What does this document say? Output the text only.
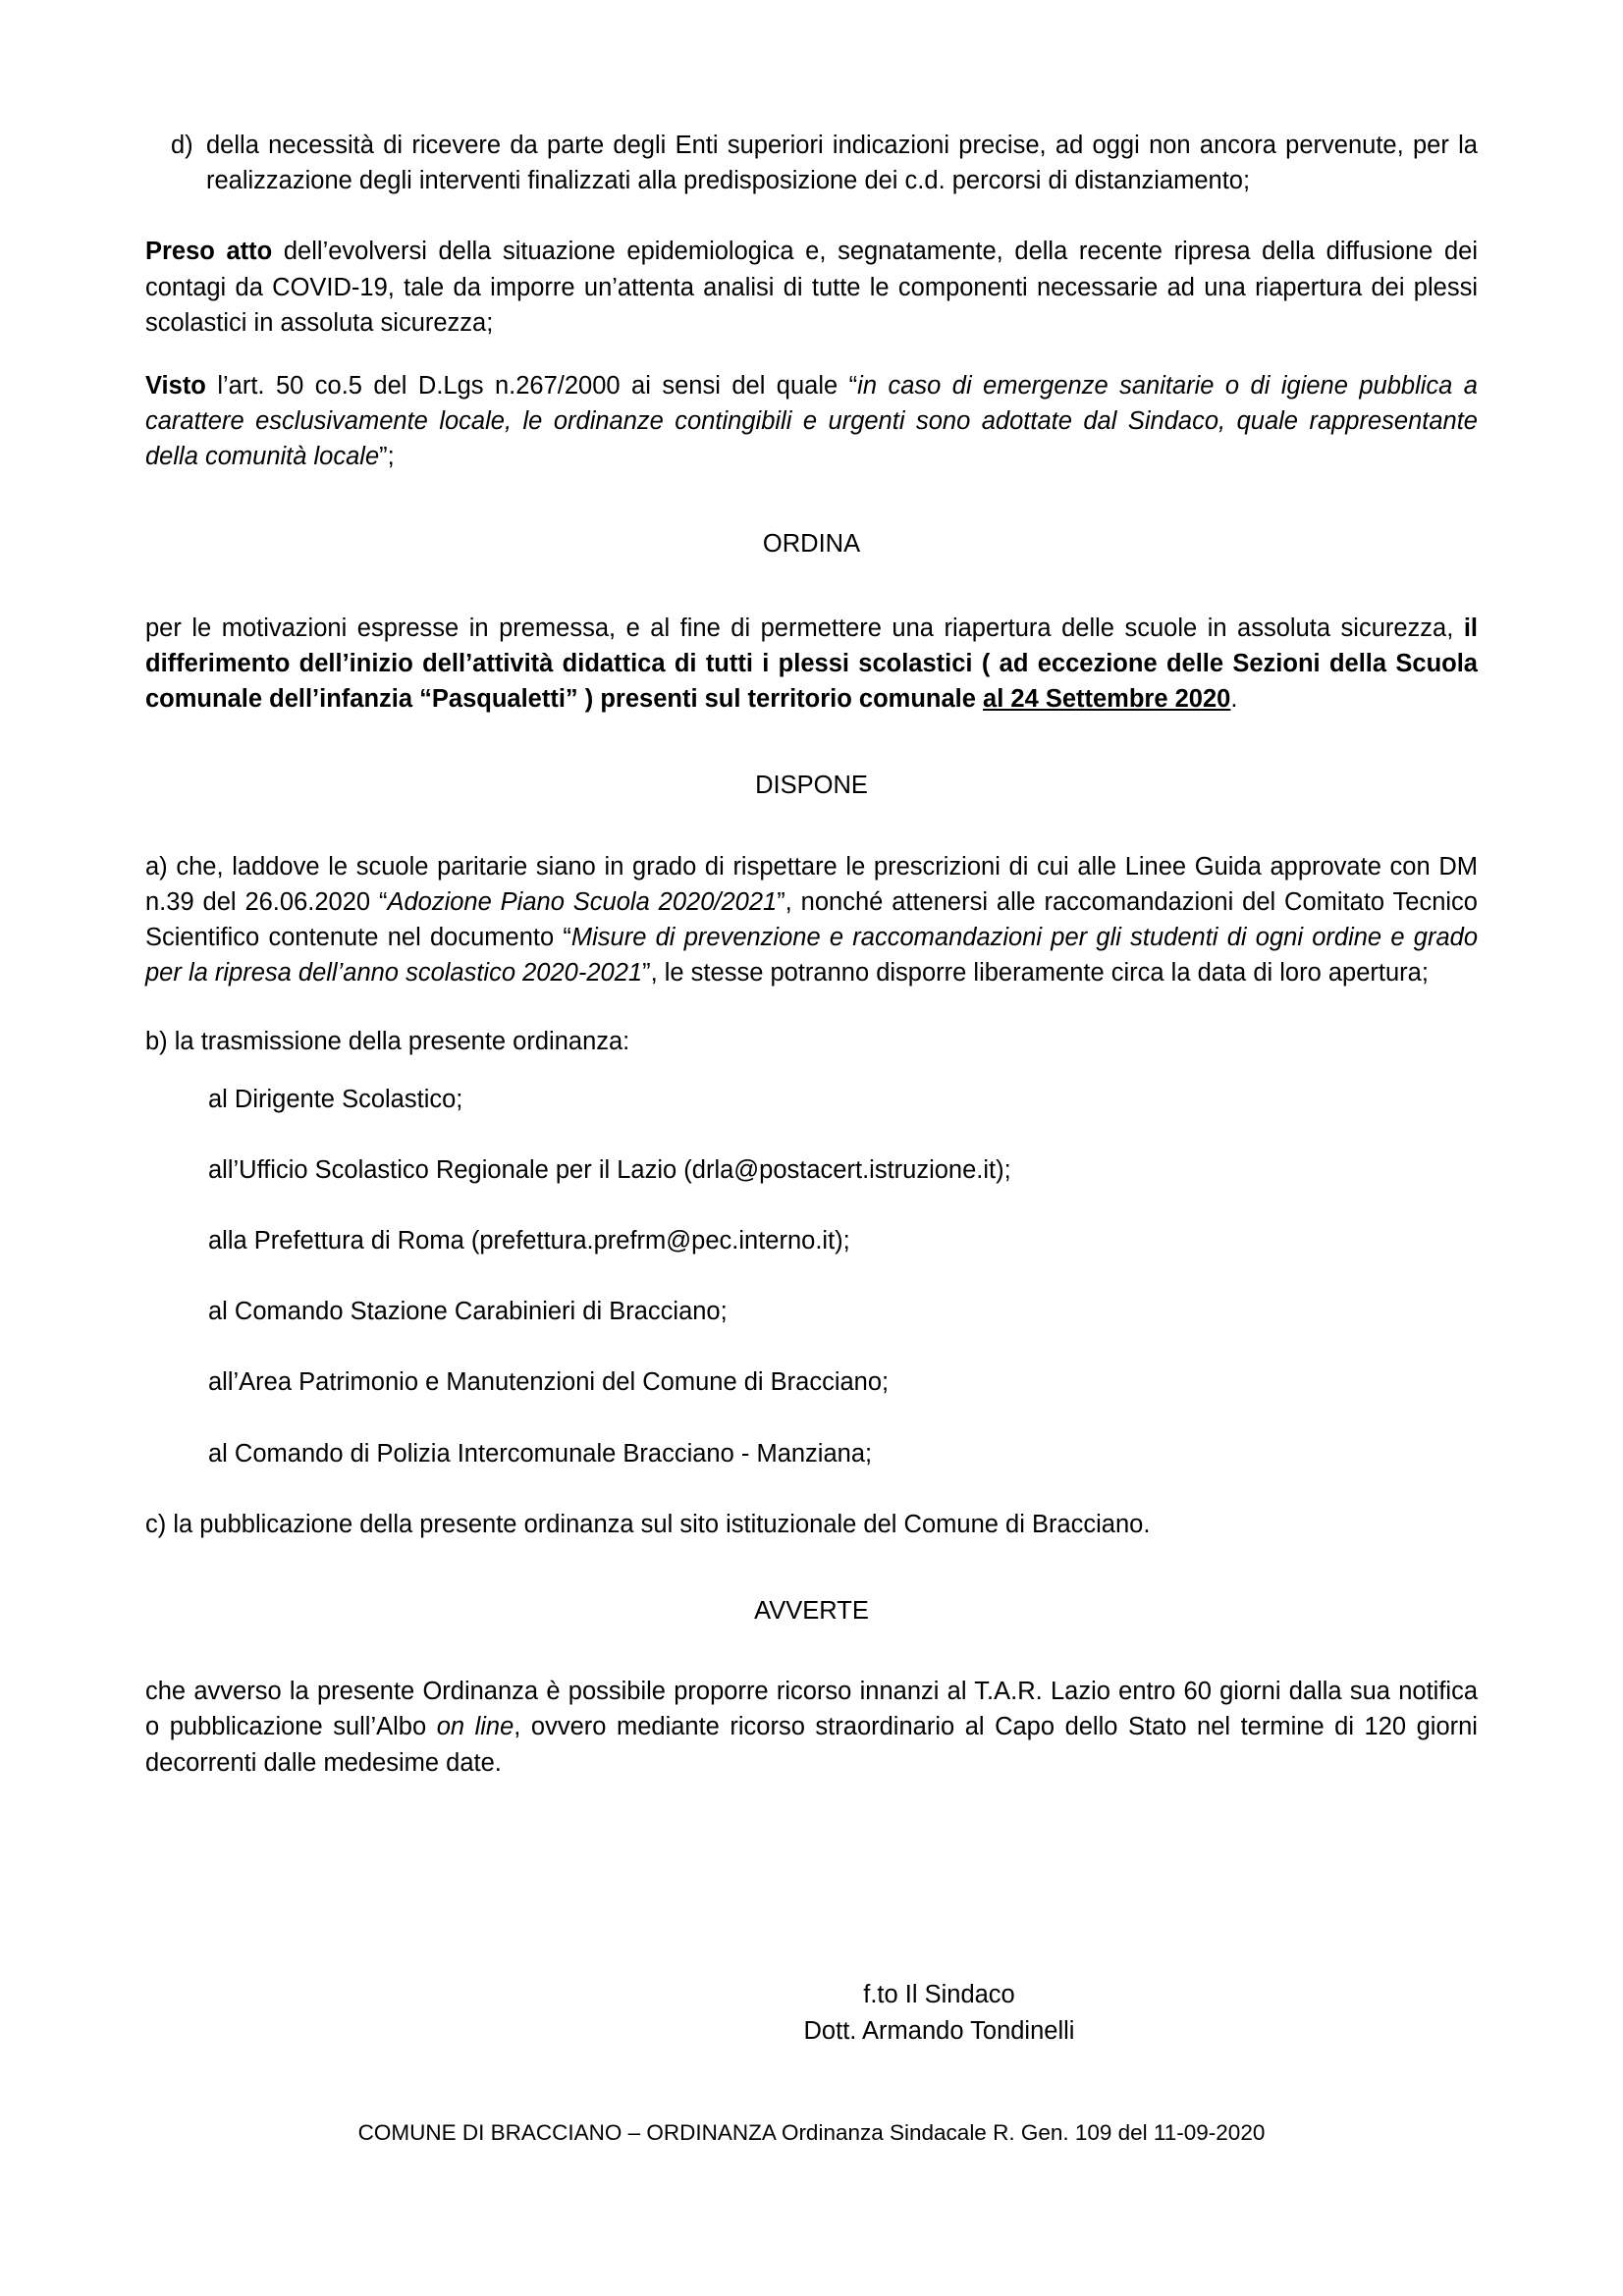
d) della necessità di ricevere da parte degli Enti superiori indicazioni precise, ad oggi non ancora pervenute, per la realizzazione degli interventi finalizzati alla predisposizione dei c.d. percorsi di distanziamento;

Preso atto dell’evolversi della situazione epidemiologica e, segnatamente, della recente ripresa della diffusione dei contagi da COVID-19, tale da imporre un’attenta analisi di tutte le componenti necessarie ad una riapertura dei plessi scolastici in assoluta sicurezza;

Visto l’art. 50 co.5 del D.Lgs n.267/2000 ai sensi del quale “in caso di emergenze sanitarie o di igiene pubblica a carattere esclusivamente locale, le ordinanze contingibili e urgenti sono adottate dal Sindaco, quale rappresentante della comunità locale”;

ORDINA

per le motivazioni espresse in premessa, e al fine di permettere una riapertura delle scuole in assoluta sicurezza, il differimento dell’inizio dell’attività didattica di tutti i plessi scolastici ( ad eccezione delle Sezioni della Scuola comunale dell’infanzia “Pasqualetti” ) presenti sul territorio comunale al 24 Settembre 2020.

DISPONE
a) che, laddove le scuole paritarie siano in grado di rispettare le prescrizioni di cui alle Linee Guida approvate con DM n.39 del 26.06.2020 “Adozione Piano Scuola 2020/2021”, nonché attenersi alle raccomandazioni del Comitato Tecnico Scientifico contenute nel documento “Misure di prevenzione e raccomandazioni per gli studenti di ogni ordine e grado per la ripresa dell’anno scolastico 2020-2021”, le stesse potranno disporre liberamente circa la data di loro apertura;
b) la trasmissione della presente ordinanza:
al Dirigente Scolastico;
all’Ufficio Scolastico Regionale per il Lazio (drla@postacert.istruzione.it);
alla Prefettura di Roma (prefettura.prefrm@pec.interno.it);
al Comando Stazione Carabinieri di Bracciano;
all’Area Patrimonio e Manutenzioni del Comune di Bracciano;
al Comando di Polizia Intercomunale Bracciano - Manziana;
c) la pubblicazione della presente ordinanza sul sito istituzionale del Comune di Bracciano.
AVVERTE

che avverso la presente Ordinanza è possibile proporre ricorso innanzi al T.A.R. Lazio entro 60 giorni dalla sua notifica o pubblicazione sull’Albo on line, ovvero mediante ricorso straordinario al Capo dello Stato nel termine di 120 giorni decorrenti dalle medesime date.

f.to Il Sindaco
Dott. Armando Tondinelli
COMUNE DI BRACCIANO – ORDINANZA Ordinanza Sindacale R. Gen. 109 del 11-09-2020
